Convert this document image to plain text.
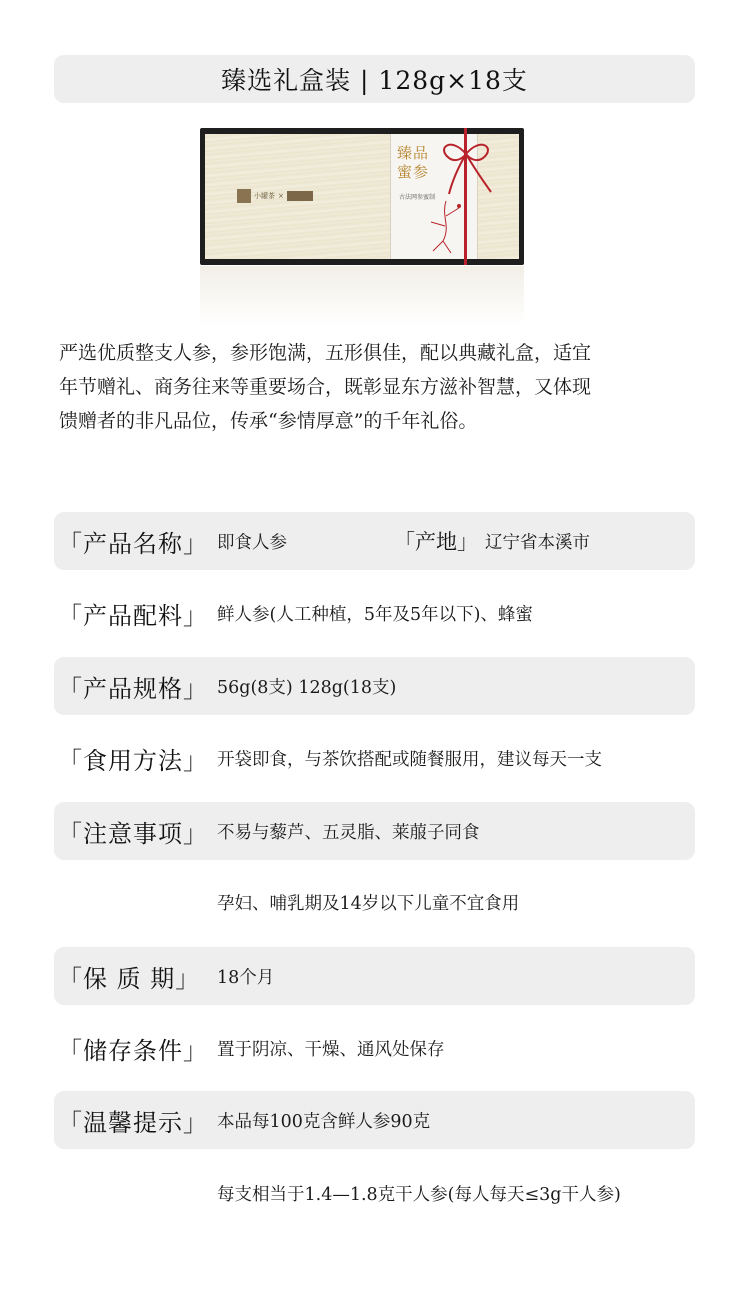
臻选礼盒装 | 128g×18支
小罐茶 ×
臻品蜜参
古法网参蜜制
严选优质整支人参，参形饱满，五形俱佳，配以典藏礼盒，适宜
年节赠礼、商务往来等重要场合，既彰显东方滋补智慧，又体现
馈赠者的非凡品位，传承“参情厚意”的千年礼俗。
「产品名称」 即食人参	「产地」 辽宁省本溪市
「产品配料」 鲜人参(人工种植，5年及5年以下)、蜂蜜
「产品规格」 56g(8支) 128g(18支)
「食用方法」 开袋即食，与茶饮搭配或随餐服用，建议每天一支
「注意事项」 不易与藜芦、五灵脂、莱菔子同食
孕妇、哺乳期及14岁以下儿童不宜食用
「保 质 期」 18个月
「储存条件」 置于阴凉、干燥、通风处保存
「温馨提示」 本品每100克含鲜人参90克
每支相当于1.4—1.8克干人参(每人每天≤3g干人参)
